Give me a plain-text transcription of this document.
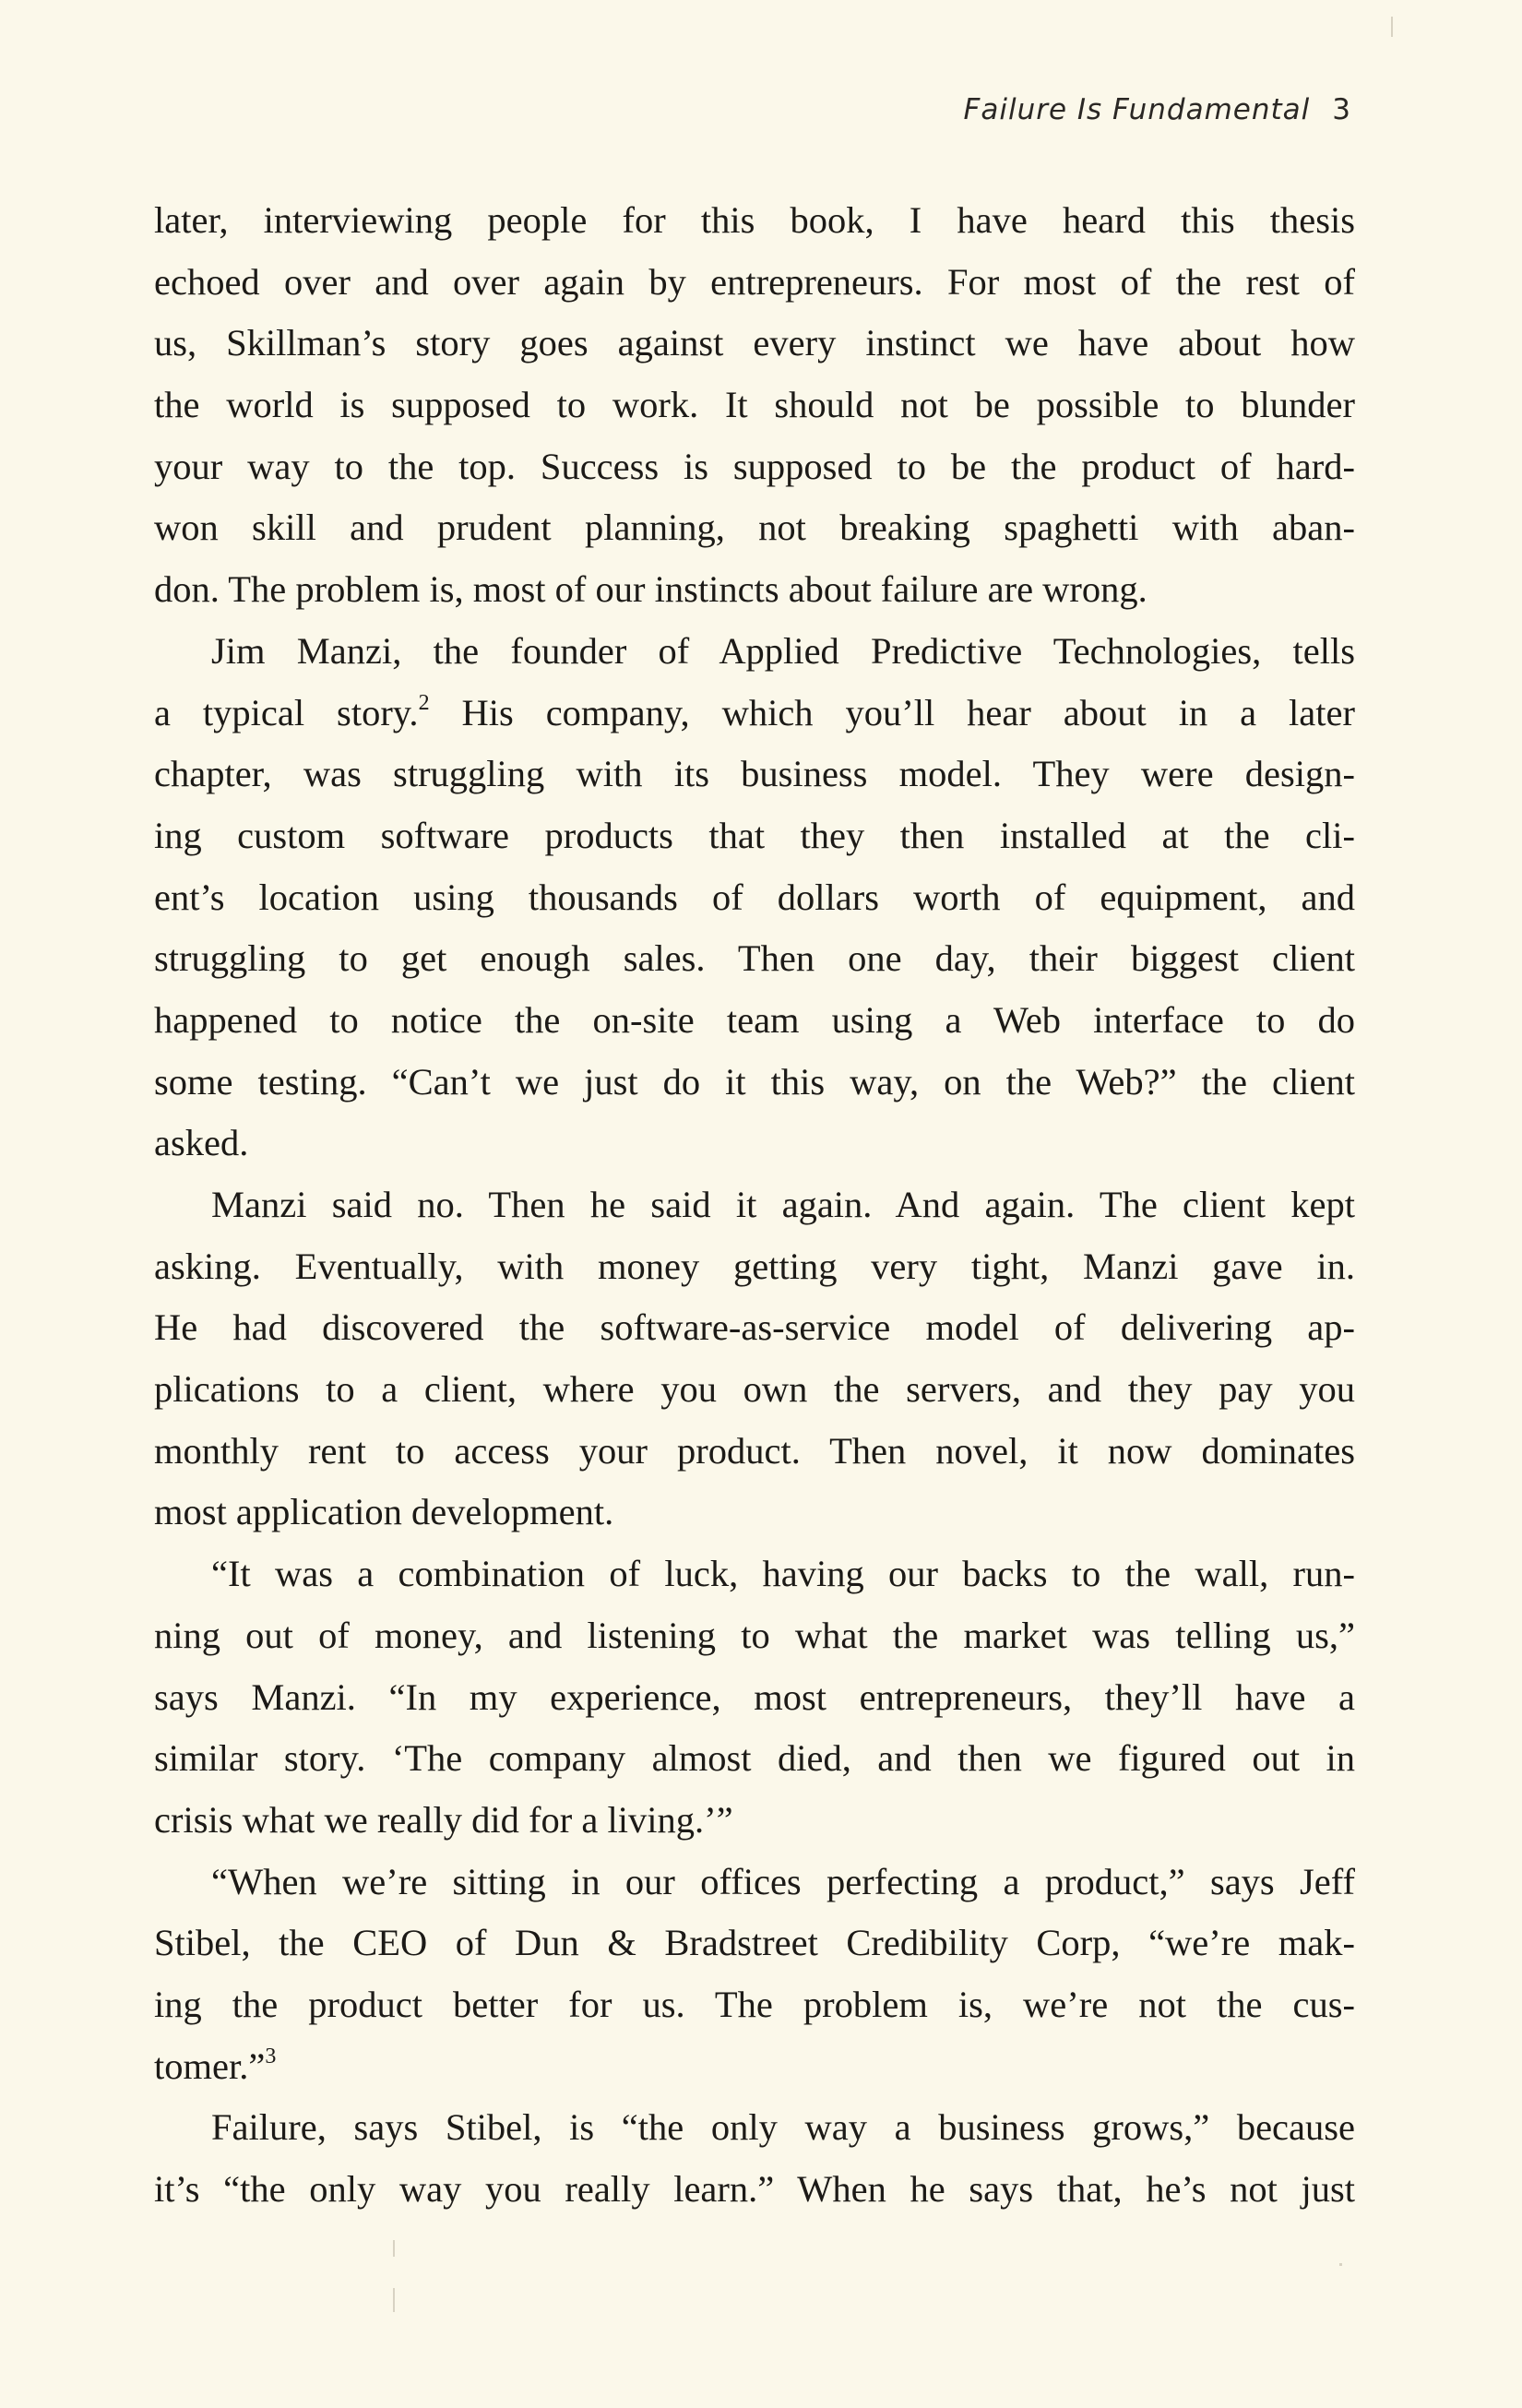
Failure Is Fundamental 3
later, interviewing people for this book, I have heard this thesis
echoed over and over again by entrepreneurs. For most of the rest of
us, Skillman’s story goes against every instinct we have about how
the world is supposed to work. It should not be possible to blunder
your way to the top. Success is supposed to be the product of hard-
won skill and prudent planning, not breaking spaghetti with aban-
don. The problem is, most of our instincts about failure are wrong.
Jim Manzi, the founder of Applied Predictive Technologies, tells
a typical story.$^2$ His company, which you’ll hear about in a later
chapter, was struggling with its business model. They were design-
ing custom software products that they then installed at the cli-
ent’s location using thousands of dollars worth of equipment, and
struggling to get enough sales. Then one day, their biggest client
happened to notice the on-site team using a Web interface to do
some testing. “Can’t we just do it this way, on the Web?” the client
asked.
Manzi said no. Then he said it again. And again. The client kept
asking. Eventually, with money getting very tight, Manzi gave in.
He had discovered the software-as-service model of delivering ap-
plications to a client, where you own the servers, and they pay you
monthly rent to access your product. Then novel, it now dominates
most application development.
“It was a combination of luck, having our backs to the wall, run-
ning out of money, and listening to what the market was telling us,”
says Manzi. “In my experience, most entrepreneurs, they’ll have a
similar story. ‘The company almost died, and then we figured out in
crisis what we really did for a living.’”
“When we’re sitting in our offices perfecting a product,” says Jeff
Stibel, the CEO of Dun & Bradstreet Credibility Corp, “we’re mak-
ing the product better for us. The problem is, we’re not the cus-
tomer.”$^3$
Failure, says Stibel, is “the only way a business grows,” because
it’s “the only way you really learn.” When he says that, he’s not just
